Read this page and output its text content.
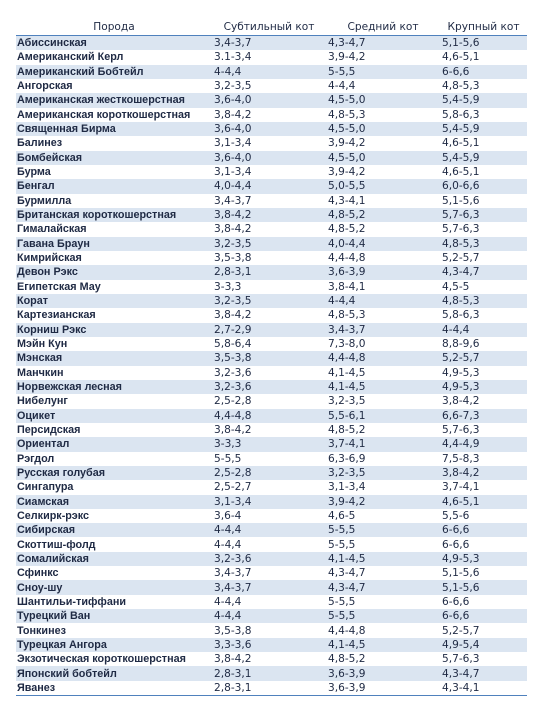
Порода	Субтильный кот	Средний кот	Крупный кот
Абиссинская	3,4-3,7	4,3-4,7	5,1-5,6
Американский Керл	3.1-3,4	3,9-4,2	4,6-5,1
Американский Бобтейл	4-4,4	5-5,5	6-6,6
Ангорская	3,2-3,5	4-4,4	4,8-5,3
Американская жесткошерстная	3,6-4,0	4,5-5,0	5,4-5,9
Американская короткошерстная	3,8-4,2	4,8-5,3	5,8-6,3
Священная Бирма	3,6-4,0	4,5-5,0	5,4-5,9
Балинез	3,1-3,4	3,9-4,2	4,6-5,1
Бомбейская	3,6-4,0	4,5-5,0	5,4-5,9
Бурма	3,1-3,4	3,9-4,2	4,6-5,1
Бенгал	4,0-4,4	5,0-5,5	6,0-6,6
Бурмилла	3,4-3,7	4,3-4,1	5,1-5,6
Британская короткошерстная	3,8-4,2	4,8-5,2	5,7-6,3
Гималайская	3,8-4,2	4,8-5,2	5,7-6,3
Гавана Браун	3,2-3,5	4,0-4,4	4,8-5,3
Кимрийская	3,5-3,8	4,4-4,8	5,2-5,7
Девон Рэкс	2,8-3,1	3,6-3,9	4,3-4,7
Египетская Мау	3-3,3	3,8-4,1	4,5-5
Корат	3,2-3,5	4-4,4	4,8-5,3
Картезианская	3,8-4,2	4,8-5,3	5,8-6,3
Корниш Рэкс	2,7-2,9	3,4-3,7	4-4,4
Мэйн Кун	5,8-6,4	7,3-8,0	8,8-9,6
Мэнская	3,5-3,8	4,4-4,8	5,2-5,7
Манчкин	3,2-3,6	4,1-4,5	4,9-5,3
Норвежская лесная	3,2-3,6	4,1-4,5	4,9-5,3
Нибелунг	2,5-2,8	3,2-3,5	3,8-4,2
Оцикет	4,4-4,8	5,5-6,1	6,6-7,3
Персидская	3,8-4,2	4,8-5,2	5,7-6,3
Ориентал	3-3,3	3,7-4,1	4,4-4,9
Рэгдол	5-5,5	6,3-6,9	7,5-8,3
Русская голубая	2,5-2,8	3,2-3,5	3,8-4,2
Сингапура	2,5-2,7	3,1-3,4	3,7-4,1
Сиамская	3,1-3,4	3,9-4,2	4,6-5,1
Селкирк-рэкс	3,6-4	4,6-5	5,5-6
Сибирская	4-4,4	5-5,5	6-6,6
Скоттиш-фолд	4-4,4	5-5,5	6-6,6
Сомалийская	3,2-3,6	4,1-4,5	4,9-5,3
Сфинкс	3,4-3,7	4,3-4,7	5,1-5,6
Сноу-шу	3,4-3,7	4,3-4,7	5,1-5,6
Шантильи-тиффани	4-4,4	5-5,5	6-6,6
Турецкий Ван	4-4,4	5-5,5	6-6,6
Тонкинез	3,5-3,8	4,4-4,8	5,2-5,7
Турецкая Ангора	3,3-3,6	4,1-4,5	4,9-5,4
Экзотическая короткошерстная	3,8-4,2	4,8-5,2	5,7-6,3
Японский бобтейл	2,8-3,1	3,6-3,9	4,3-4,7
Яванез	2,8-3,1	3,6-3,9	4,3-4,1
